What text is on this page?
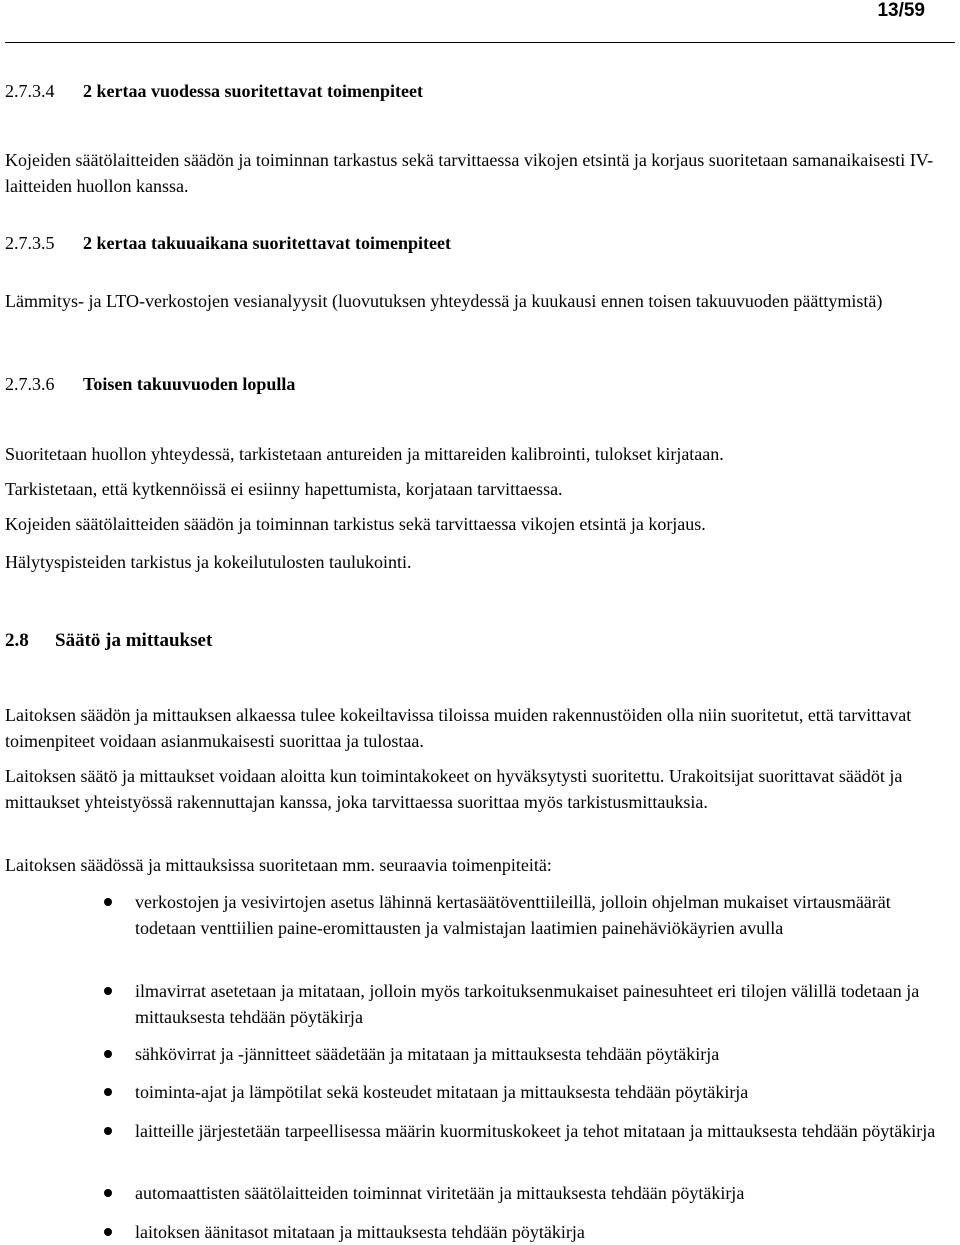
13/59
2.7.3.4 2 kertaa vuodessa suoritettavat toimenpiteet
Kojeiden säätölaitteiden säädön ja toiminnan tarkastus sekä tarvittaessa vikojen etsintä ja korjaus suoritetaan samanaikaisesti IV-laitteiden huollon kanssa.
2.7.3.5 2 kertaa takuuaikana suoritettavat toimenpiteet
Lämmitys- ja LTO-verkostojen vesianalyysit (luovutuksen yhteydessä ja kuukausi ennen toisen takuuvuoden päättymistä)
2.7.3.6 Toisen takuuvuoden lopulla
Suoritetaan huollon yhteydessä, tarkistetaan antureiden ja mittareiden kalibrointi, tulokset kirjataan.
Tarkistetaan, että kytkennöissä ei esiinny hapettumista, korjataan tarvittaessa.
Kojeiden säätölaitteiden säädön ja toiminnan tarkistus sekä tarvittaessa vikojen etsintä ja korjaus.
Hälytyspisteiden tarkistus ja kokeilutulosten taulukointi.
2.8 Säätö ja mittaukset
Laitoksen säädön ja mittauksen alkaessa tulee kokeiltavissa tiloissa muiden rakennustöiden olla niin suoritetut, että tarvittavat toimenpiteet voidaan asianmukaisesti suorittaa ja tulostaa.
Laitoksen säätö ja mittaukset voidaan aloitta kun toimintakokeet on hyväksytysti suoritettu. Urakoitsijat suorittavat säädöt ja mittaukset yhteistyössä rakennuttajan kanssa, joka tarvittaessa suorittaa myös tarkistusmittauksia.
Laitoksen säädössä ja mittauksissa suoritetaan mm. seuraavia toimenpiteitä:
verkostojen ja vesivirtojen asetus lähinnä kertasäätöventtiileillä, jolloin ohjelman mukaiset virtausmäärät todetaan venttiilien paine-eromittausten ja valmistajan laatimien painehäviökäyrien avulla
ilmavirrat asetetaan ja mitataan, jolloin myös tarkoituksenmukaiset painesuhteet eri tilojen välillä todetaan ja mittauksesta tehdään pöytäkirja
sähkövirrat ja -jännitteet säädetään ja mitataan ja mittauksesta tehdään pöytäkirja
toiminta-ajat ja lämpötilat sekä kosteudet mitataan ja mittauksesta tehdään pöytäkirja
laitteille järjestetään tarpeellisessa määrin kuormituskokeet ja tehot mitataan ja mittauksesta tehdään pöytäkirja
automaattisten säätölaitteiden toiminnat viritetään ja mittauksesta tehdään pöytäkirja
laitoksen äänitasot mitataan ja mittauksesta tehdään pöytäkirja
